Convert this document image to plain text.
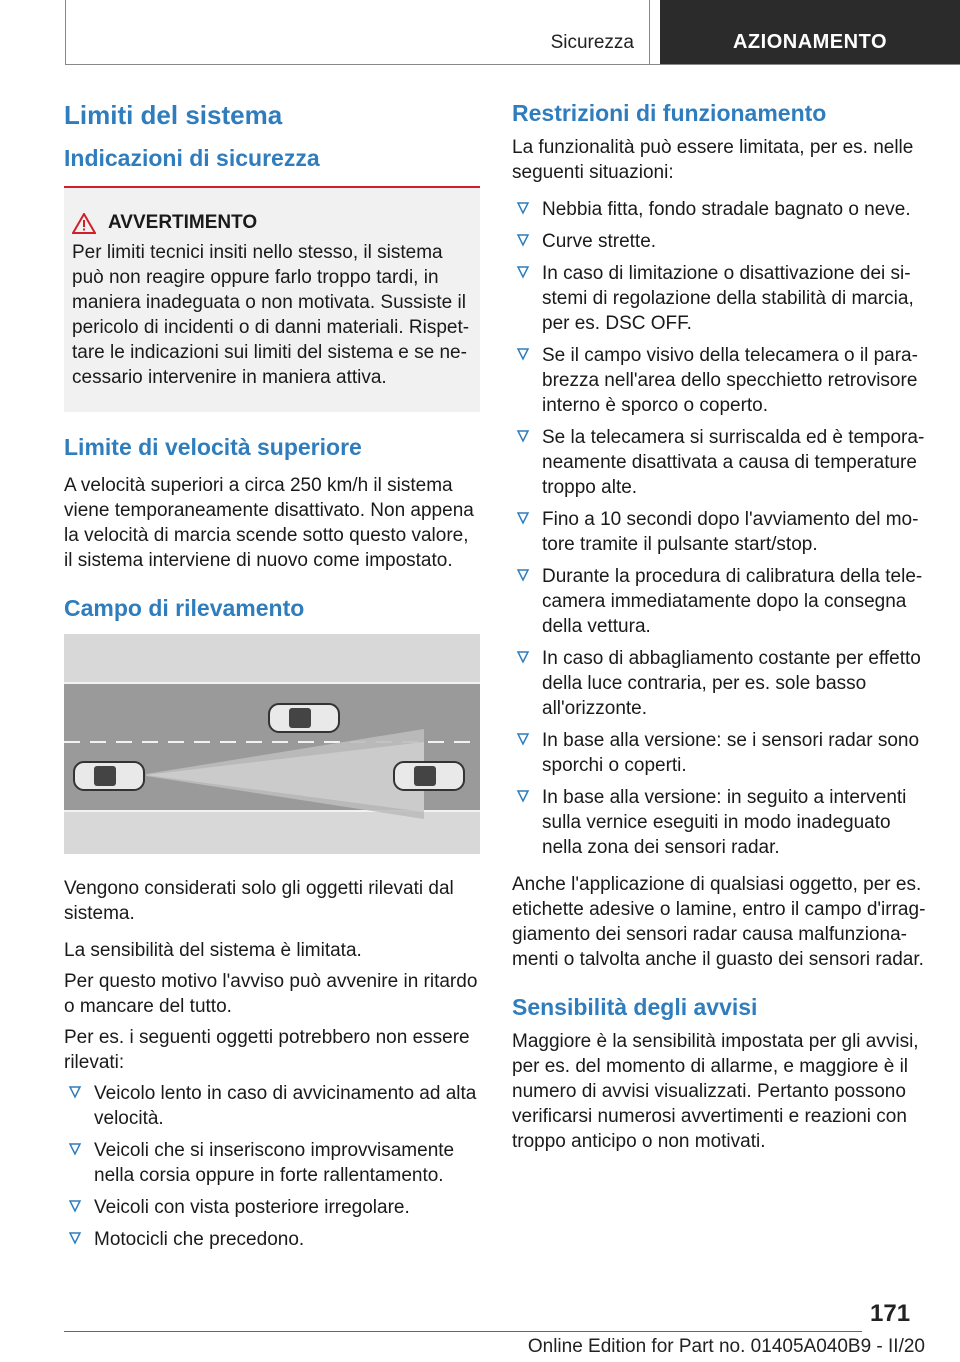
Sicurezza	AZIONAMENTO
Limiti del sistema
Indicazioni di sicurezza
AVVERTIMENTO

Per limiti tecnici insiti nello stesso, il sistema può non reagire oppure farlo troppo tardi, in maniera inadeguata o non motivata. Sussiste il pericolo di incidenti o di danni materiali. Rispettare le indicazioni sui limiti del sistema e se necessario intervenire in maniera attiva.

Limite di velocità superiore

A velocità superiori a circa 250 km/h il sistema viene temporaneamente disattivato. Non appena la velocità di marcia scende sotto questo valore, il sistema interviene di nuovo come impostato.

Campo di rilevamento

Vengono considerati solo gli oggetti rilevati dal sistema.

La sensibilità del sistema è limitata.

Per questo motivo l'avviso può avvenire in ritardo o mancare del tutto.

Per es. i seguenti oggetti potrebbero non essere rilevati:

Veicolo lento in caso di avvicinamento ad alta velocità.
Veicoli che si inseriscono improvvisamente nella corsia oppure in forte rallentamento.
Veicoli con vista posteriore irregolare.
Motocicli che precedono.
Restrizioni di funzionamento

La funzionalità può essere limitata, per es. nelle seguenti situazioni:

Nebbia fitta, fondo stradale bagnato o neve.
Curve strette.
In caso di limitazione o disattivazione dei sistemi di regolazione della stabilità di marcia, per es. DSC OFF.
Se il campo visivo della telecamera o il parabrezza nell'area dello specchietto retrovisore interno è sporco o coperto.
Se la telecamera si surriscalda ed è temporaneamente disattivata a causa di temperature troppo alte.
Fino a 10 secondi dopo l'avviamento del motore tramite il pulsante start/stop.
Durante la procedura di calibratura della telecamera immediatamente dopo la consegna della vettura.
In caso di abbagliamento costante per effetto della luce contraria, per es. sole basso all'orizzonte.
In base alla versione: se i sensori radar sono sporchi o coperti.
In base alla versione: in seguito a interventi sulla vernice eseguiti in modo inadeguato nella zona dei sensori radar.

Anche l'applicazione di qualsiasi oggetto, per es. etichette adesive o lamine, entro il campo d'irraggiamento dei sensori radar causa malfunzionamenti o talvolta anche il guasto dei sensori radar.

Sensibilità degli avvisi

Maggiore è la sensibilità impostata per gli avvisi, per es. del momento di allarme, e maggiore è il numero di avvisi visualizzati. Pertanto possono verificarsi numerosi avvertimenti e reazioni con troppo anticipo o non motivati.

171
Online Edition for Part no. 01405A040B9 - II/20
